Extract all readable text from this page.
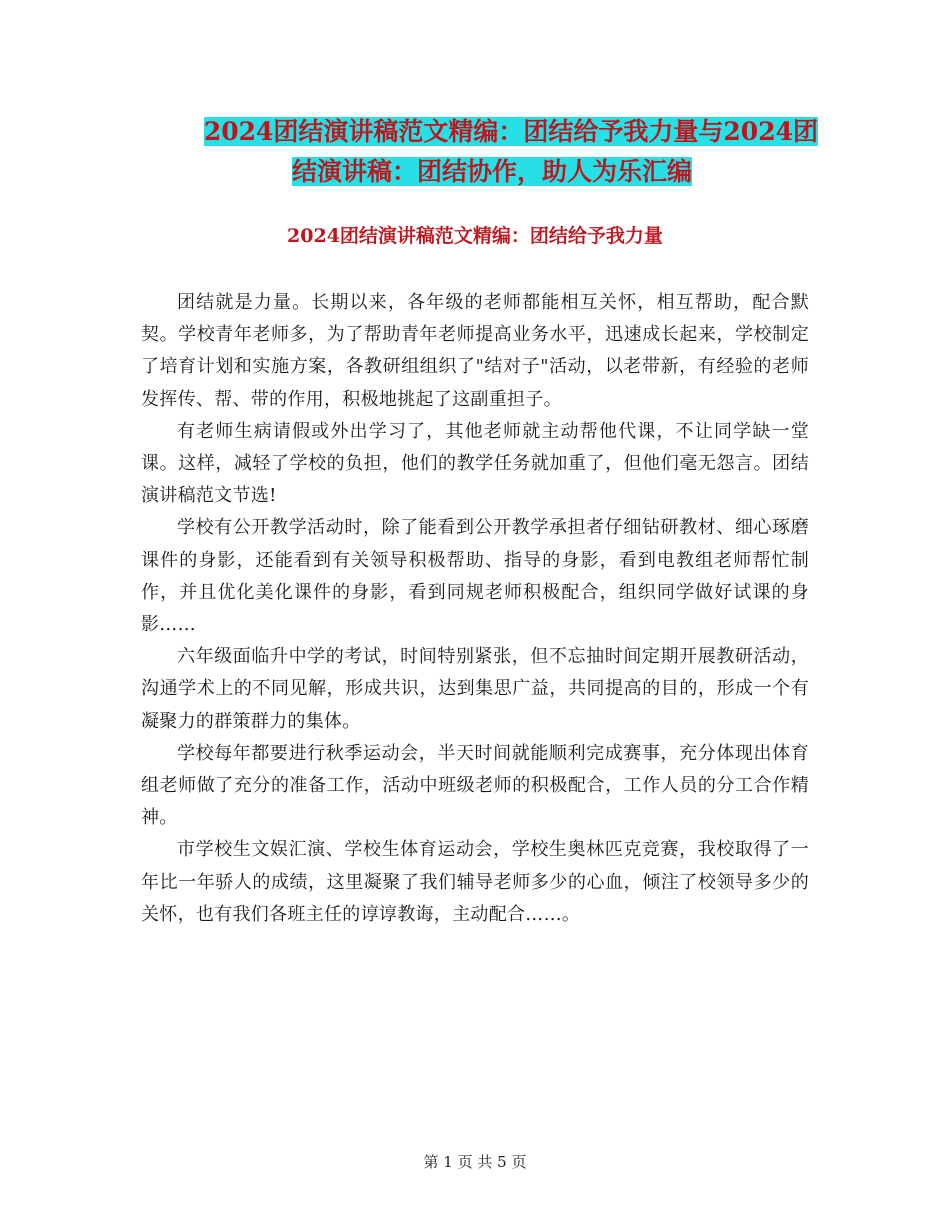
2024团结演讲稿范文精编：团结给予我力量与2024团
结演讲稿：团结协作，助人为乐汇编
2024团结演讲稿范文精编：团结给予我力量

团结就是力量。长期以来，各年级的老师都能相互关怀，相互帮助，配合默契。学校青年老师多，为了帮助青年老师提高业务水平，迅速成长起来，学校制定了培育计划和实施方案，各教研组组织了"结对子"活动，以老带新，有经验的老师发挥传、帮、带的作用，积极地挑起了这副重担子。

有老师生病请假或外出学习了，其他老师就主动帮他代课，不让同学缺一堂课。这样，减轻了学校的负担，他们的教学任务就加重了，但他们毫无怨言。团结演讲稿范文节选!

学校有公开教学活动时，除了能看到公开教学承担者仔细钻研教材、细心琢磨课件的身影，还能看到有关领导积极帮助、指导的身影，看到电教组老师帮忙制作，并且优化美化课件的身影，看到同规老师积极配合，组织同学做好试课的身影……

六年级面临升中学的考试，时间特别紧张，但不忘抽时间定期开展教研活动，沟通学术上的不同见解，形成共识，达到集思广益，共同提高的目的，形成一个有凝聚力的群策群力的集体。

学校每年都要进行秋季运动会，半天时间就能顺利完成赛事，充分体现出体育组老师做了充分的准备工作，活动中班级老师的积极配合，工作人员的分工合作精神。

市学校生文娱汇演、学校生体育运动会，学校生奥林匹克竞赛，我校取得了一年比一年骄人的成绩，这里凝聚了我们辅导老师多少的心血，倾注了校领导多少的关怀，也有我们各班主任的谆谆教诲，主动配合……。

第 1 页 共 5 页
